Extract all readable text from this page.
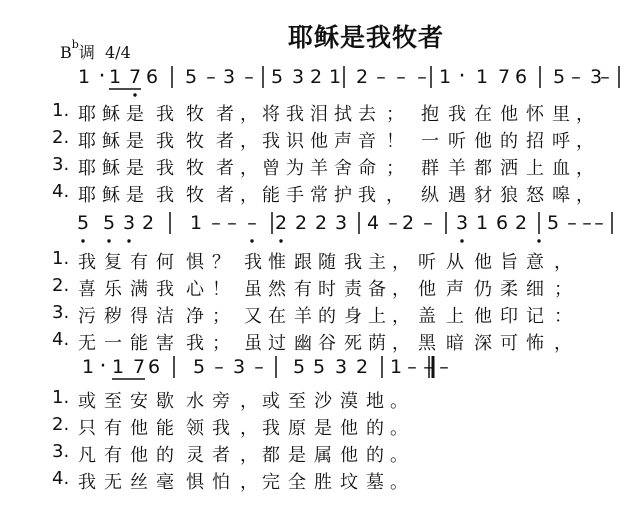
耶稣是我牧者
$B^b$调 4/4
1 · 1 7 6 5 – 3 – 5 3 2 1 2 – – – 1 · 1 7 6 5 – 3
–
5 5 3 2 1 – – – 2 2 2 3 4 – 2 – 3 1 6 2 5 – – –
1 · 1 7 6 5 – 3 – 5 5 3 2 1 – – –
1. 耶 稣 是 我 牧 者 ， 将 我 泪 拭 去 ； 抱 我 在 他 怀 里 ，
2. 耶 稣 是 我 牧 者 ， 我 识 他 声 音 ！ 一 听 他 的 招 呼 ，
3. 耶 稣 是 我 牧 者 ， 曾 为 羊 舍 命 ； 群 羊 都 洒 上 血 ，
4. 耶 稣 是 我 牧 者 ， 能 手 常 护 我 ， 纵 遇 豺 狼 怒 嗥 ，
1. 我 复 有 何 惧 ？ 我 惟 跟 随 我 主 ， 听 从 他 旨 意 ，
2. 喜 乐 满 我 心 ！ 虽 然 有 时 责 备 ， 他 声 仍 柔 细 ；
3. 污 秽 得 洁 净 ； 又 在 羊 的 身 上 ， 盖 上 他 印 记 ：
4. 无 一 能 害 我 ； 虽 过 幽 谷 死 荫 ， 黑 暗 深 可 怖 ，
1. 或 至 安 歇 水 旁 ， 或 至 沙 漠 地 。
2. 只 有 他 能 领 我 ， 我 原 是 他 的 。
3. 凡 有 他 的 灵 者 ， 都 是 属 他 的 。
4. 我 无 丝 毫 惧 怕 ， 完 全 胜 坟 墓 。
